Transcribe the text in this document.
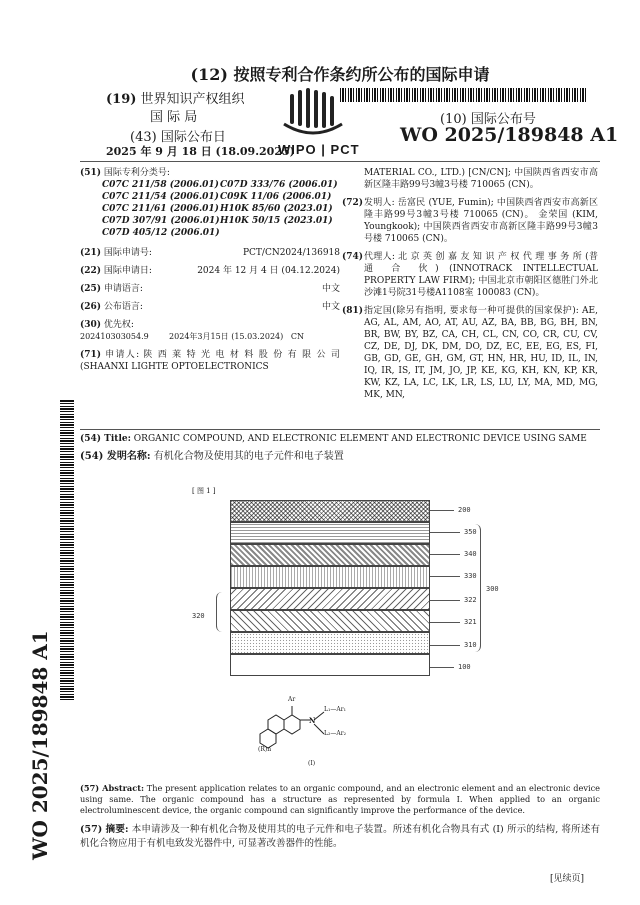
(12) 按照专利合作条约所公布的国际申请
(19) 世界知识产权组织
国 际 局
(43) 国际公布日
2025 年 9 月 18 日 (18.09.2025)
WIPO | PCT
(10) 国际公布号
WO 2025/189848 A1
(51) 国际专利分类号:
C07C 211/58 (2006.01)C07D 333/76 (2006.01)
C07C 211/54 (2006.01)C09K 11/06 (2006.01)
C07C 211/61 (2006.01)H10K 85/60 (2023.01)
C07D 307/91 (2006.01)H10K 50/15 (2023.01)
C07D 405/12 (2006.01)
(21) 国际申请号:	PCT/CN2024/136918
(22) 国际申请日:	2024 年 12 月 4 日 (04.12.2024)
(25) 申请语言:	中文
(26) 公布语言:	中文
(30) 优先权:
202410303054.9        2024年3月15日 (15.03.2024)   CN
(71) 申请人: 陕 西 莱 特 光 电 材 料 股 份 有 限 公 司 (SHAANXI LIGHTE OPTOELECTRONICS
MATERIAL CO., LTD.) [CN/CN]; 中国陕西省西安市高新区隆丰路99号3幢3号楼 710065 (CN)。
(72) 发明人: 岳富民 (YUE, Fumin); 中国陕西省西安市高新区隆丰路99号3幢3号楼 710065 (CN)。 金荣国 (KIM, Youngkook); 中国陕西省西安市高新区隆丰路99号3幢3号楼 710065 (CN)。
(74) 代理人: 北 京 英 创 嘉 友 知 识 产 权 代 理 事 务 所 (普 通 合 伙) (INNOTRACK INTELLECTUAL PROPERTY LAW FIRM); 中国北京市朝阳区德胜门外北沙滩1号院31号楼A1108室 100083 (CN)。
(81) 指定国(除另有指明, 要求每一种可提供的国家保护): AE, AG, AL, AM, AO, AT, AU, AZ, BA, BB, BG, BH, BN, BR, BW, BY, BZ, CA, CH, CL, CN, CO, CR, CU, CV, CZ, DE, DJ, DK, DM, DO, DZ, EC, EE, EG, ES, FI, GB, GD, GE, GH, GM, GT, HN, HR, HU, ID, IL, IN, IQ, IR, IS, IT, JM, JO, JP, KE, KG, KH, KN, KP, KR, KW, KZ, LA, LC, LK, LR, LS, LU, LY, MA, MD, MG, MK, MN,
(54) Title: ORGANIC COMPOUND, AND ELECTRONIC ELEMENT AND ELECTRONIC DEVICE USING SAME
(54) 发明名称: 有机化合物及使用其的电子元件和电子装置
WO 2025/189848 A1
[ 图 1 ]
200
350
340
330
322
321
310
100
300
320
Ar
N
L₁—Ar₁
L₂—Ar₂
(R)n
(I)
(57) Abstract: The present application relates to an organic compound, and an electronic element and an electronic device using same. The organic compound has a structure as represented by formula I. When applied to an organic electroluminescent device, the organic compound can significantly improve the performance of the device.
(57) 摘要: 本申请涉及一种有机化合物及使用其的电子元件和电子装置。所述有机化合物具有式 (I) 所示的结构, 将所述有机化合物应用于有机电致发光器件中, 可显著改善器件的性能。
[见续页]
